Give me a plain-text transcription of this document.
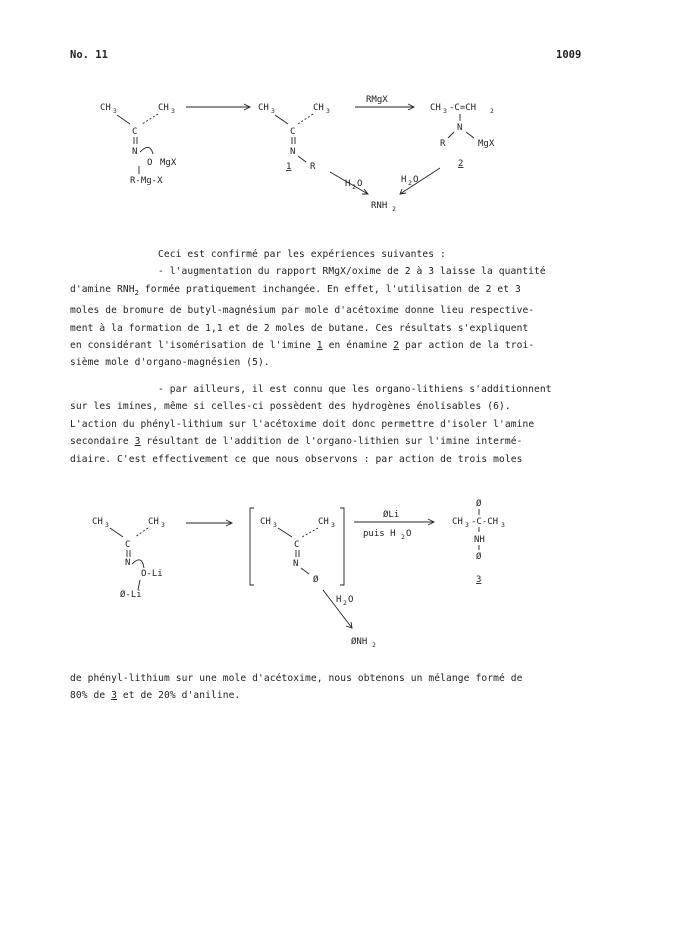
No. 11	1009
CH 3	CH 3
C
N
O MgX
R-Mg-X
CH 3	CH 3
C
N
R
1
RMgX
CH 3 -C=CH 2
N
R	MgX
2
H 2 O	H 2 O
RNH 2
Ceci est confirmé par les expériences suivantes :
- l'augmentation du rapport RMgX/oxime de 2 à 3 laisse la quantité
d'amine $RNH_2$ formée pratiquement inchangée. En effet, l'utilisation de 2 et 3
moles de bromure de butyl-magnésium par mole d'acétoxime donne lieu respective-
ment à la formation de 1,1 et de 2 moles de butane. Ces résultats s'expliquent
en considérant l'isomérisation de l'imine 1 en énamine 2 par action de la troi-
sième mole d'organo-magnésien (5).
- par ailleurs, il est connu que les organo-lithiens s'additionnent
sur les imines, même si celles-ci possèdent des hydrogènes énolisables (6).
L'action du phényl-lithium sur l'acétoxime doit donc permettre d'isoler l'amine
secondaire 3 résultant de l'addition de l'organo-lithien sur l'imine intermé-
diaire. C'est effectivement ce que nous observons : par action de trois moles
CH 3	CH 3
C
N
O-Li
Ø-Li
CH 3	CH 3
C
N
Ø
ØLi
puis H 2 O
Ø
CH 3 -C-CH 3
NH
Ø
3
H 2 O
ØNH 2
de phényl-lithium sur une mole d'acétoxime, nous obtenons un mélange formé de
80% de 3 et de 20% d'aniline.
